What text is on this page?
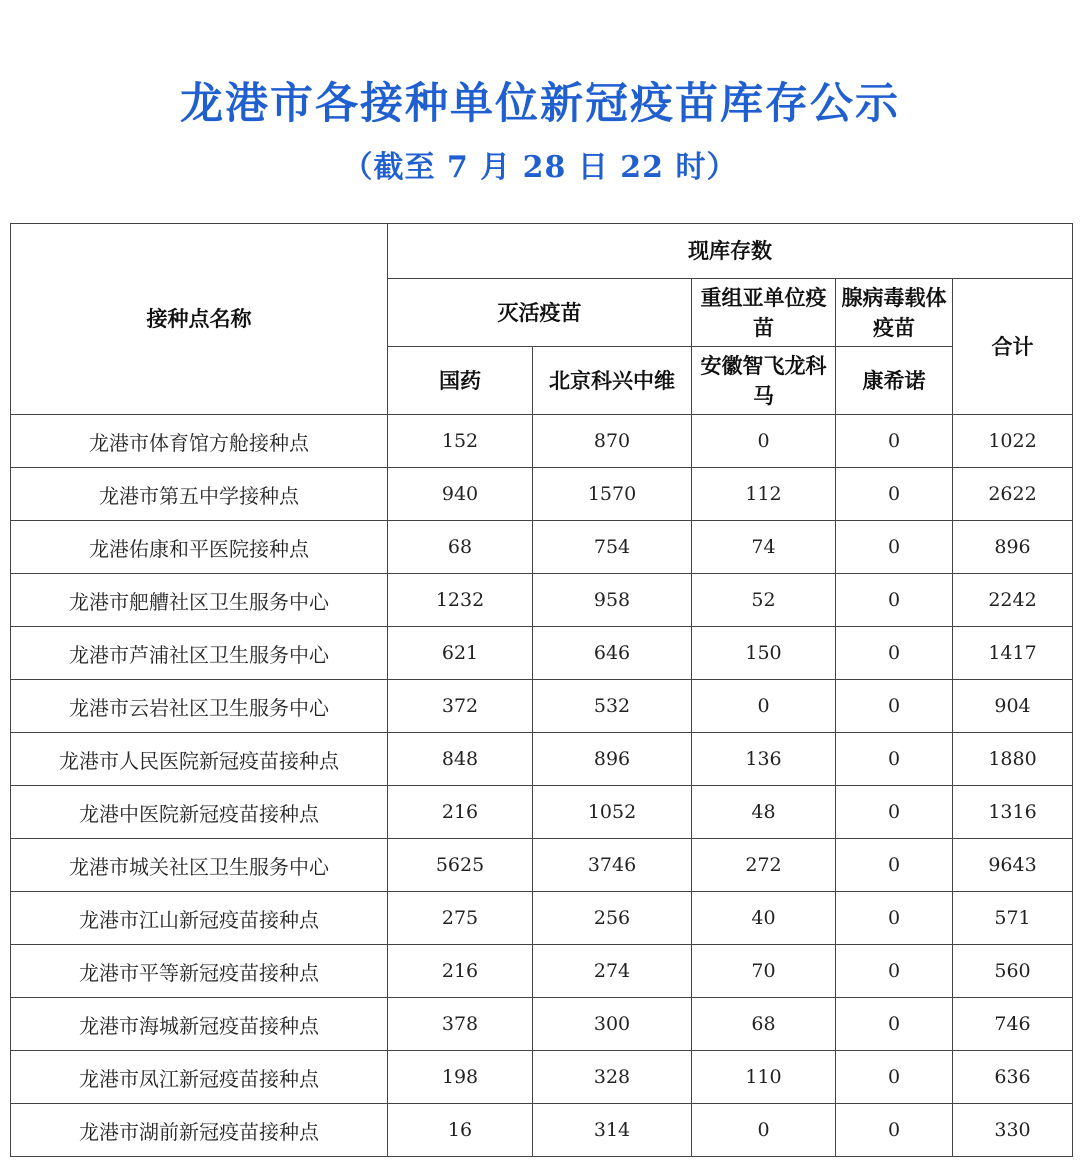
龙港市各接种单位新冠疫苗库存公示
（截至 7 月 28 日 22 时）
接种点名称	现库存数				
	灭活疫苗		重组亚单位疫苗	腺病毒载体疫苗	合计
	国药	北京科兴中维	安徽智飞龙科马	康希诺	
龙港市体育馆方舱接种点	152	870	0	0	1022
龙港市第五中学接种点	940	1570	112	0	2622
龙港佑康和平医院接种点	68	754	74	0	896
龙港市舥艚社区卫生服务中心	1232	958	52	0	2242
龙港市芦浦社区卫生服务中心	621	646	150	0	1417
龙港市云岩社区卫生服务中心	372	532	0	0	904
龙港市人民医院新冠疫苗接种点	848	896	136	0	1880
龙港中医院新冠疫苗接种点	216	1052	48	0	1316
龙港市城关社区卫生服务中心	5625	3746	272	0	9643
龙港市江山新冠疫苗接种点	275	256	40	0	571
龙港市平等新冠疫苗接种点	216	274	70	0	560
龙港市海城新冠疫苗接种点	378	300	68	0	746
龙港市凤江新冠疫苗接种点	198	328	110	0	636
龙港市湖前新冠疫苗接种点	16	314	0	0	330
